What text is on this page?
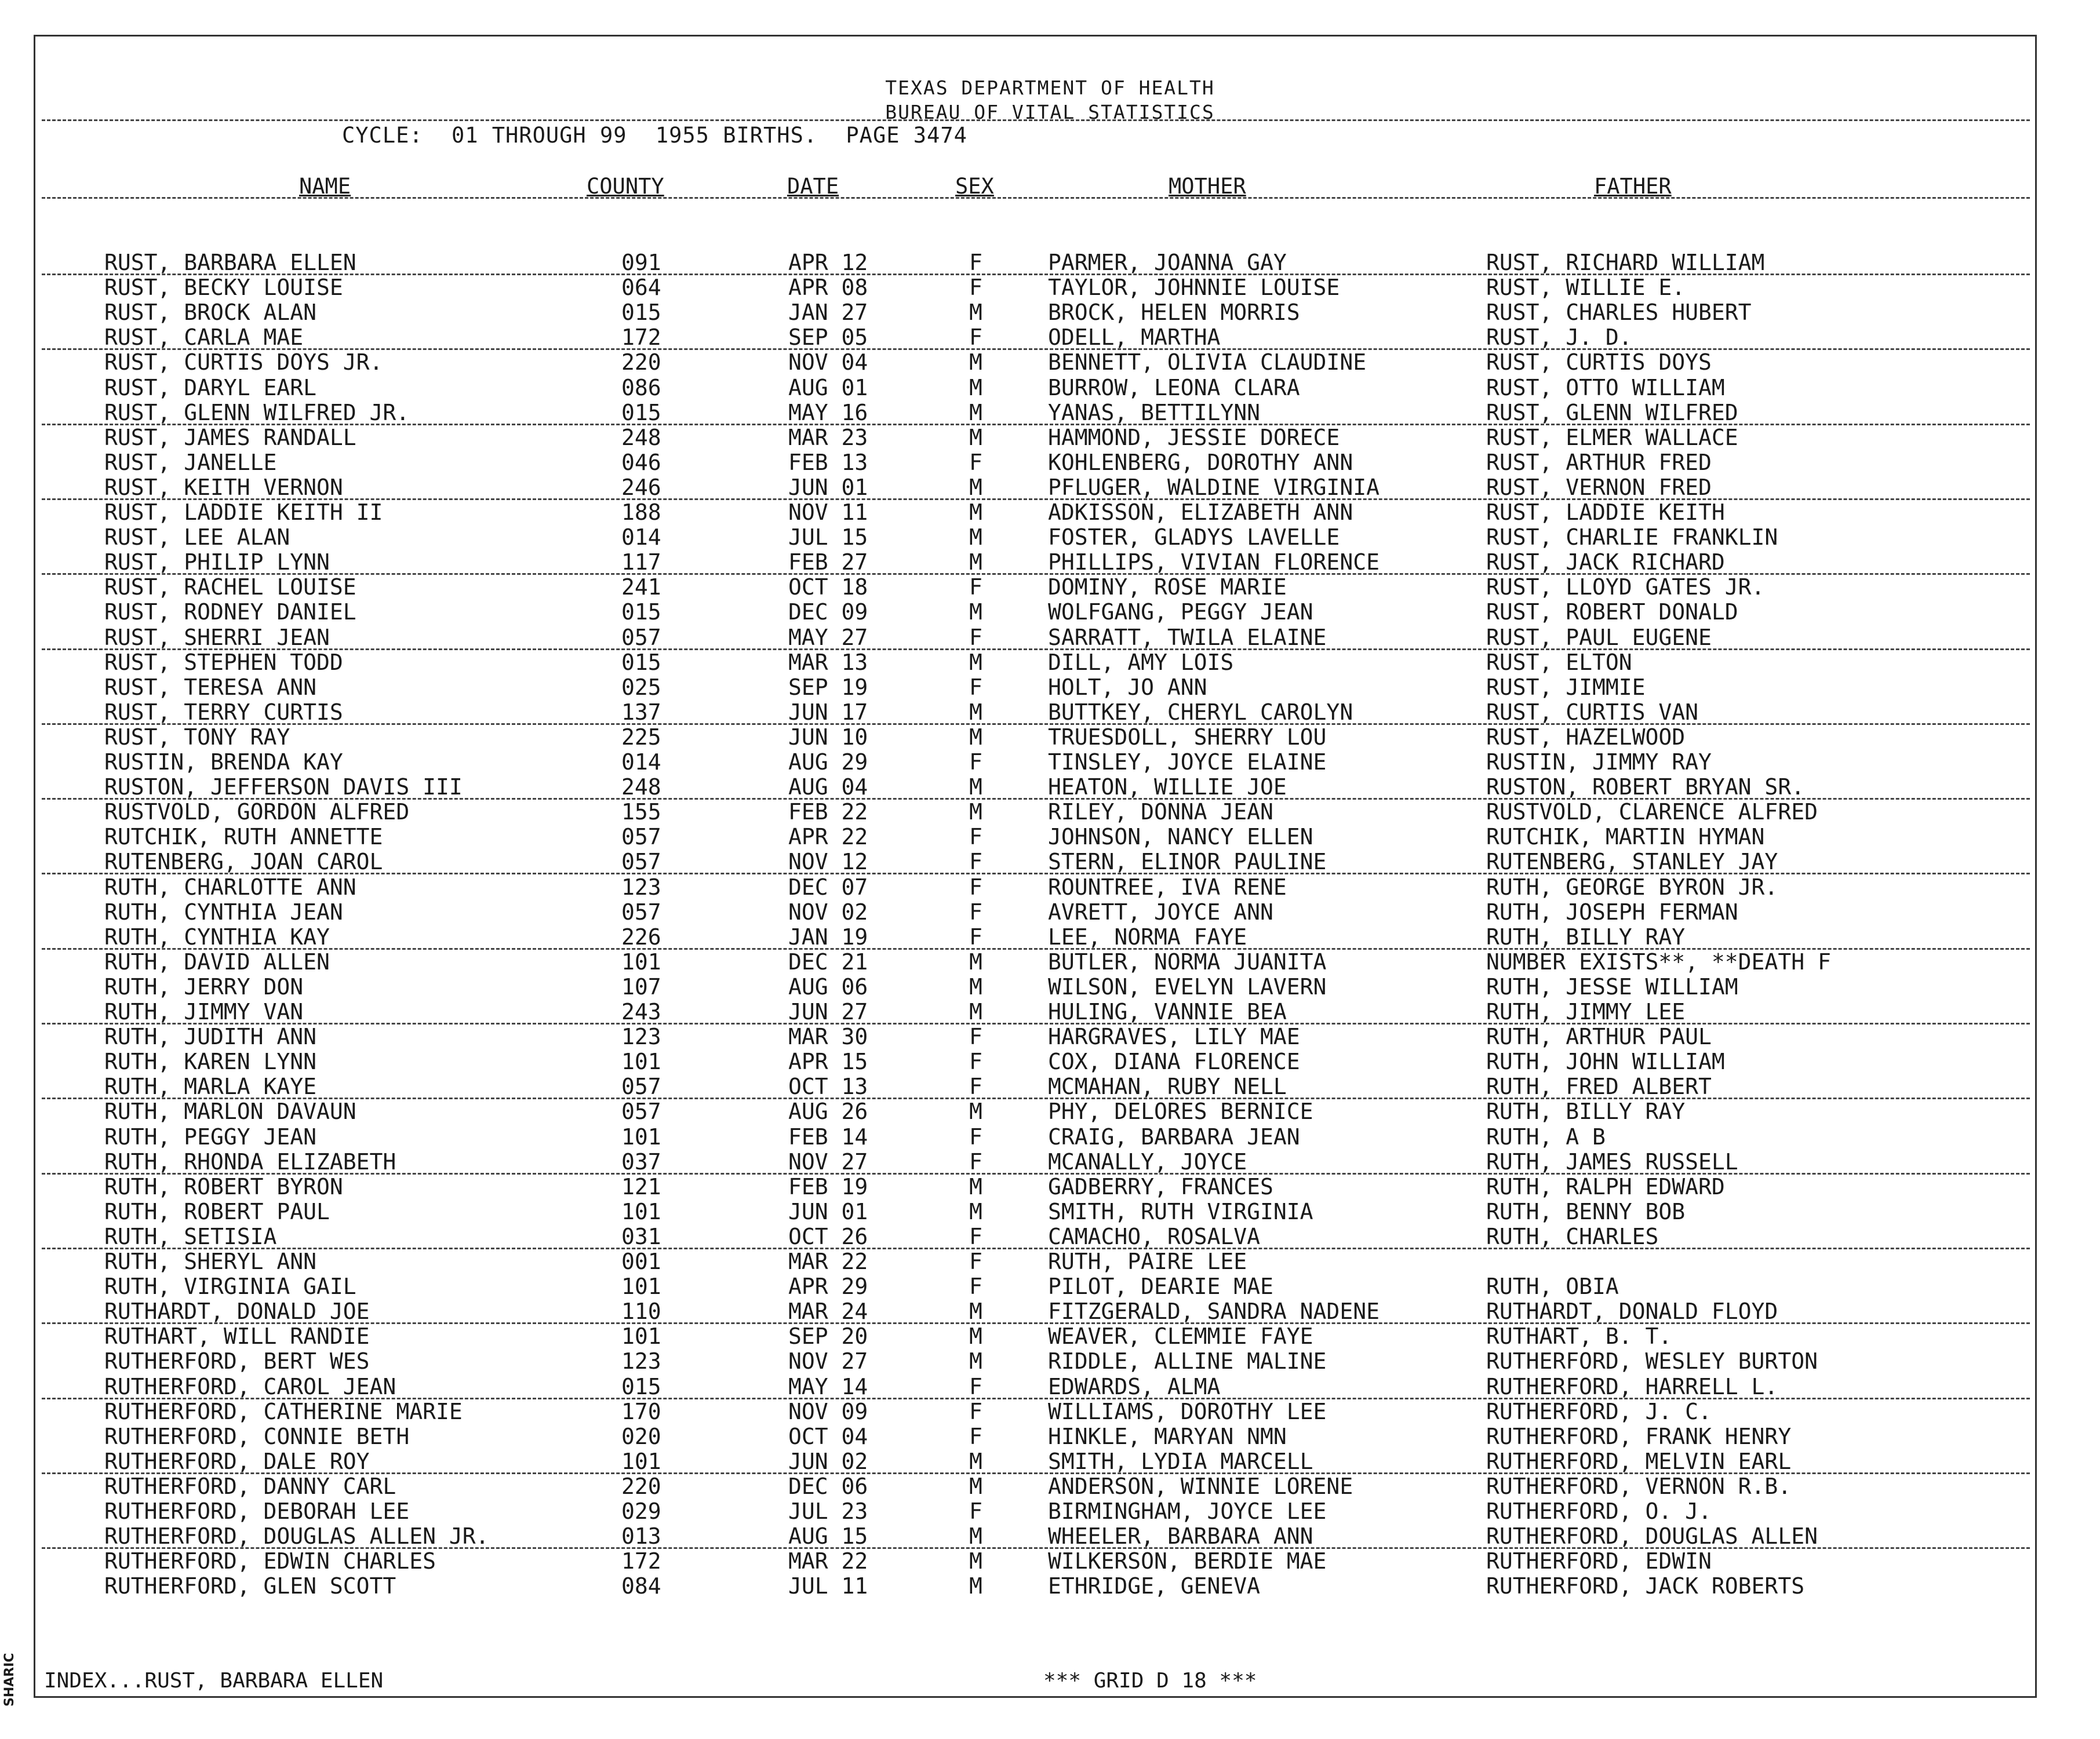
TEXAS DEPARTMENT OF HEALTH
BUREAU OF VITAL STATISTICS
CYCLE: 01 THROUGH 99 1955 BIRTHS. PAGE 3474
NAME	COUNTY	DATE	SEX	MOTHER	FATHER
RUST, BARBARA ELLEN	091	APR 12	F	PARMER, JOANNA GAY	RUST, RICHARD WILLIAM
RUST, BECKY LOUISE	064	APR 08	F	TAYLOR, JOHNNIE LOUISE	RUST, WILLIE E.
RUST, BROCK ALAN	015	JAN 27	M	BROCK, HELEN MORRIS	RUST, CHARLES HUBERT
RUST, CARLA MAE	172	SEP 05	F	ODELL, MARTHA	RUST, J. D.
RUST, CURTIS DOYS JR.	220	NOV 04	M	BENNETT, OLIVIA CLAUDINE	RUST, CURTIS DOYS
RUST, DARYL EARL	086	AUG 01	M	BURROW, LEONA CLARA	RUST, OTTO WILLIAM
RUST, GLENN WILFRED JR.	015	MAY 16	M	YANAS, BETTILYNN	RUST, GLENN WILFRED
RUST, JAMES RANDALL	248	MAR 23	M	HAMMOND, JESSIE DORECE	RUST, ELMER WALLACE
RUST, JANELLE	046	FEB 13	F	KOHLENBERG, DOROTHY ANN	RUST, ARTHUR FRED
RUST, KEITH VERNON	246	JUN 01	M	PFLUGER, WALDINE VIRGINIA	RUST, VERNON FRED
RUST, LADDIE KEITH II	188	NOV 11	M	ADKISSON, ELIZABETH ANN	RUST, LADDIE KEITH
RUST, LEE ALAN	014	JUL 15	M	FOSTER, GLADYS LAVELLE	RUST, CHARLIE FRANKLIN
RUST, PHILIP LYNN	117	FEB 27	M	PHILLIPS, VIVIAN FLORENCE	RUST, JACK RICHARD
RUST, RACHEL LOUISE	241	OCT 18	F	DOMINY, ROSE MARIE	RUST, LLOYD GATES JR.
RUST, RODNEY DANIEL	015	DEC 09	M	WOLFGANG, PEGGY JEAN	RUST, ROBERT DONALD
RUST, SHERRI JEAN	057	MAY 27	F	SARRATT, TWILA ELAINE	RUST, PAUL EUGENE
RUST, STEPHEN TODD	015	MAR 13	M	DILL, AMY LOIS	RUST, ELTON
RUST, TERESA ANN	025	SEP 19	F	HOLT, JO ANN	RUST, JIMMIE
RUST, TERRY CURTIS	137	JUN 17	M	BUTTKEY, CHERYL CAROLYN	RUST, CURTIS VAN
RUST, TONY RAY	225	JUN 10	M	TRUESDOLL, SHERRY LOU	RUST, HAZELWOOD
RUSTIN, BRENDA KAY	014	AUG 29	F	TINSLEY, JOYCE ELAINE	RUSTIN, JIMMY RAY
RUSTON, JEFFERSON DAVIS III	248	AUG 04	M	HEATON, WILLIE JOE	RUSTON, ROBERT BRYAN SR.
RUSTVOLD, GORDON ALFRED	155	FEB 22	M	RILEY, DONNA JEAN	RUSTVOLD, CLARENCE ALFRED
RUTCHIK, RUTH ANNETTE	057	APR 22	F	JOHNSON, NANCY ELLEN	RUTCHIK, MARTIN HYMAN
RUTENBERG, JOAN CAROL	057	NOV 12	F	STERN, ELINOR PAULINE	RUTENBERG, STANLEY JAY
RUTH, CHARLOTTE ANN	123	DEC 07	F	ROUNTREE, IVA RENE	RUTH, GEORGE BYRON JR.
RUTH, CYNTHIA JEAN	057	NOV 02	F	AVRETT, JOYCE ANN	RUTH, JOSEPH FERMAN
RUTH, CYNTHIA KAY	226	JAN 19	F	LEE, NORMA FAYE	RUTH, BILLY RAY
RUTH, DAVID ALLEN	101	DEC 21	M	BUTLER, NORMA JUANITA	NUMBER EXISTS**, **DEATH F
RUTH, JERRY DON	107	AUG 06	M	WILSON, EVELYN LAVERN	RUTH, JESSE WILLIAM
RUTH, JIMMY VAN	243	JUN 27	M	HULING, VANNIE BEA	RUTH, JIMMY LEE
RUTH, JUDITH ANN	123	MAR 30	F	HARGRAVES, LILY MAE	RUTH, ARTHUR PAUL
RUTH, KAREN LYNN	101	APR 15	F	COX, DIANA FLORENCE	RUTH, JOHN WILLIAM
RUTH, MARLA KAYE	057	OCT 13	F	MCMAHAN, RUBY NELL	RUTH, FRED ALBERT
RUTH, MARLON DAVAUN	057	AUG 26	M	PHY, DELORES BERNICE	RUTH, BILLY RAY
RUTH, PEGGY JEAN	101	FEB 14	F	CRAIG, BARBARA JEAN	RUTH, A B
RUTH, RHONDA ELIZABETH	037	NOV 27	F	MCANALLY, JOYCE	RUTH, JAMES RUSSELL
RUTH, ROBERT BYRON	121	FEB 19	M	GADBERRY, FRANCES	RUTH, RALPH EDWARD
RUTH, ROBERT PAUL	101	JUN 01	M	SMITH, RUTH VIRGINIA	RUTH, BENNY BOB
RUTH, SETISIA	031	OCT 26	F	CAMACHO, ROSALVA	RUTH, CHARLES
RUTH, SHERYL ANN	001	MAR 22	F	RUTH, PAIRE LEE
RUTH, VIRGINIA GAIL	101	APR 29	F	PILOT, DEARIE MAE	RUTH, OBIA
RUTHARDT, DONALD JOE	110	MAR 24	M	FITZGERALD, SANDRA NADENE	RUTHARDT, DONALD FLOYD
RUTHART, WILL RANDIE	101	SEP 20	M	WEAVER, CLEMMIE FAYE	RUTHART, B. T.
RUTHERFORD, BERT WES	123	NOV 27	M	RIDDLE, ALLINE MALINE	RUTHERFORD, WESLEY BURTON
RUTHERFORD, CAROL JEAN	015	MAY 14	F	EDWARDS, ALMA	RUTHERFORD, HARRELL L.
RUTHERFORD, CATHERINE MARIE	170	NOV 09	F	WILLIAMS, DOROTHY LEE	RUTHERFORD, J. C.
RUTHERFORD, CONNIE BETH	020	OCT 04	F	HINKLE, MARYAN NMN	RUTHERFORD, FRANK HENRY
RUTHERFORD, DALE ROY	101	JUN 02	M	SMITH, LYDIA MARCELL	RUTHERFORD, MELVIN EARL
RUTHERFORD, DANNY CARL	220	DEC 06	M	ANDERSON, WINNIE LORENE	RUTHERFORD, VERNON R.B.
RUTHERFORD, DEBORAH LEE	029	JUL 23	F	BIRMINGHAM, JOYCE LEE	RUTHERFORD, O. J.
RUTHERFORD, DOUGLAS ALLEN JR.	013	AUG 15	M	WHEELER, BARBARA ANN	RUTHERFORD, DOUGLAS ALLEN
RUTHERFORD, EDWIN CHARLES	172	MAR 22	M	WILKERSON, BERDIE MAE	RUTHERFORD, EDWIN
RUTHERFORD, GLEN SCOTT	084	JUL 11	M	ETHRIDGE, GENEVA	RUTHERFORD, JACK ROBERTS
INDEX...RUST, BARBARA ELLEN	*** GRID D 18 ***
SHARIC
